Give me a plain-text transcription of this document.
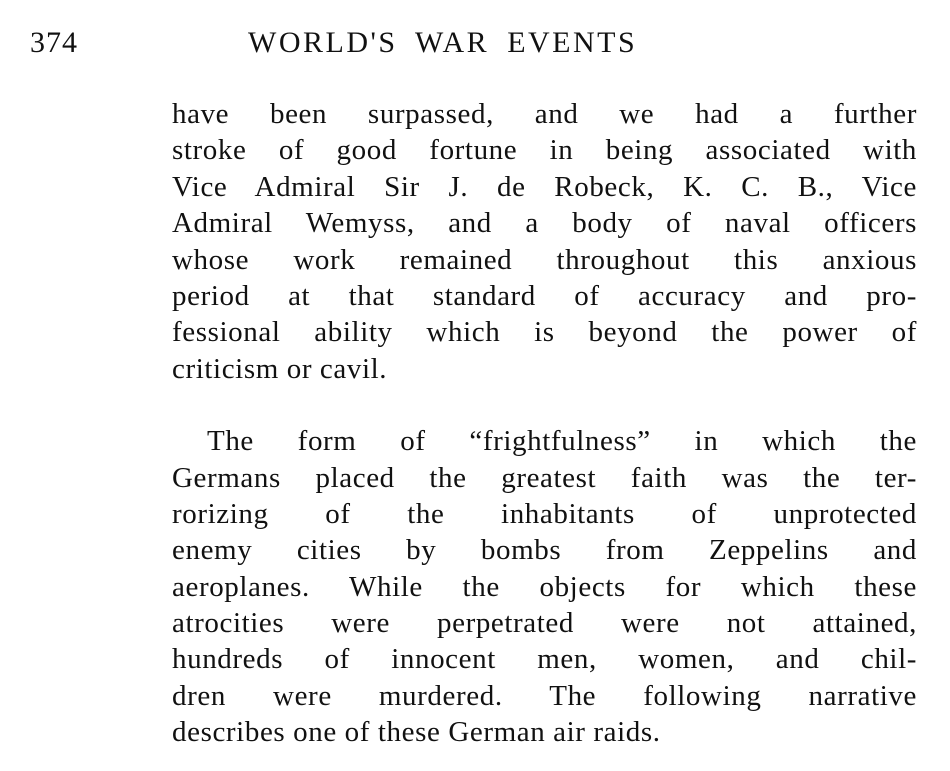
374	WORLD'S WAR EVENTS
have been surpassed, and we had a further
stroke of good fortune in being associated with
Vice Admiral Sir J. de Robeck, K. C. B., Vice
Admiral Wemyss, and a body of naval officers
whose work remained throughout this anxious
period at that standard of accuracy and pro-
fessional ability which is beyond the power of
criticism or cavil.
The form of “frightfulness” in which the
Germans placed the greatest faith was the ter-
rorizing of the inhabitants of unprotected
enemy cities by bombs from Zeppelins and
aeroplanes. While the objects for which these
atrocities were perpetrated were not attained,
hundreds of innocent men, women, and chil-
dren were murdered. The following narrative
describes one of these German air raids.
